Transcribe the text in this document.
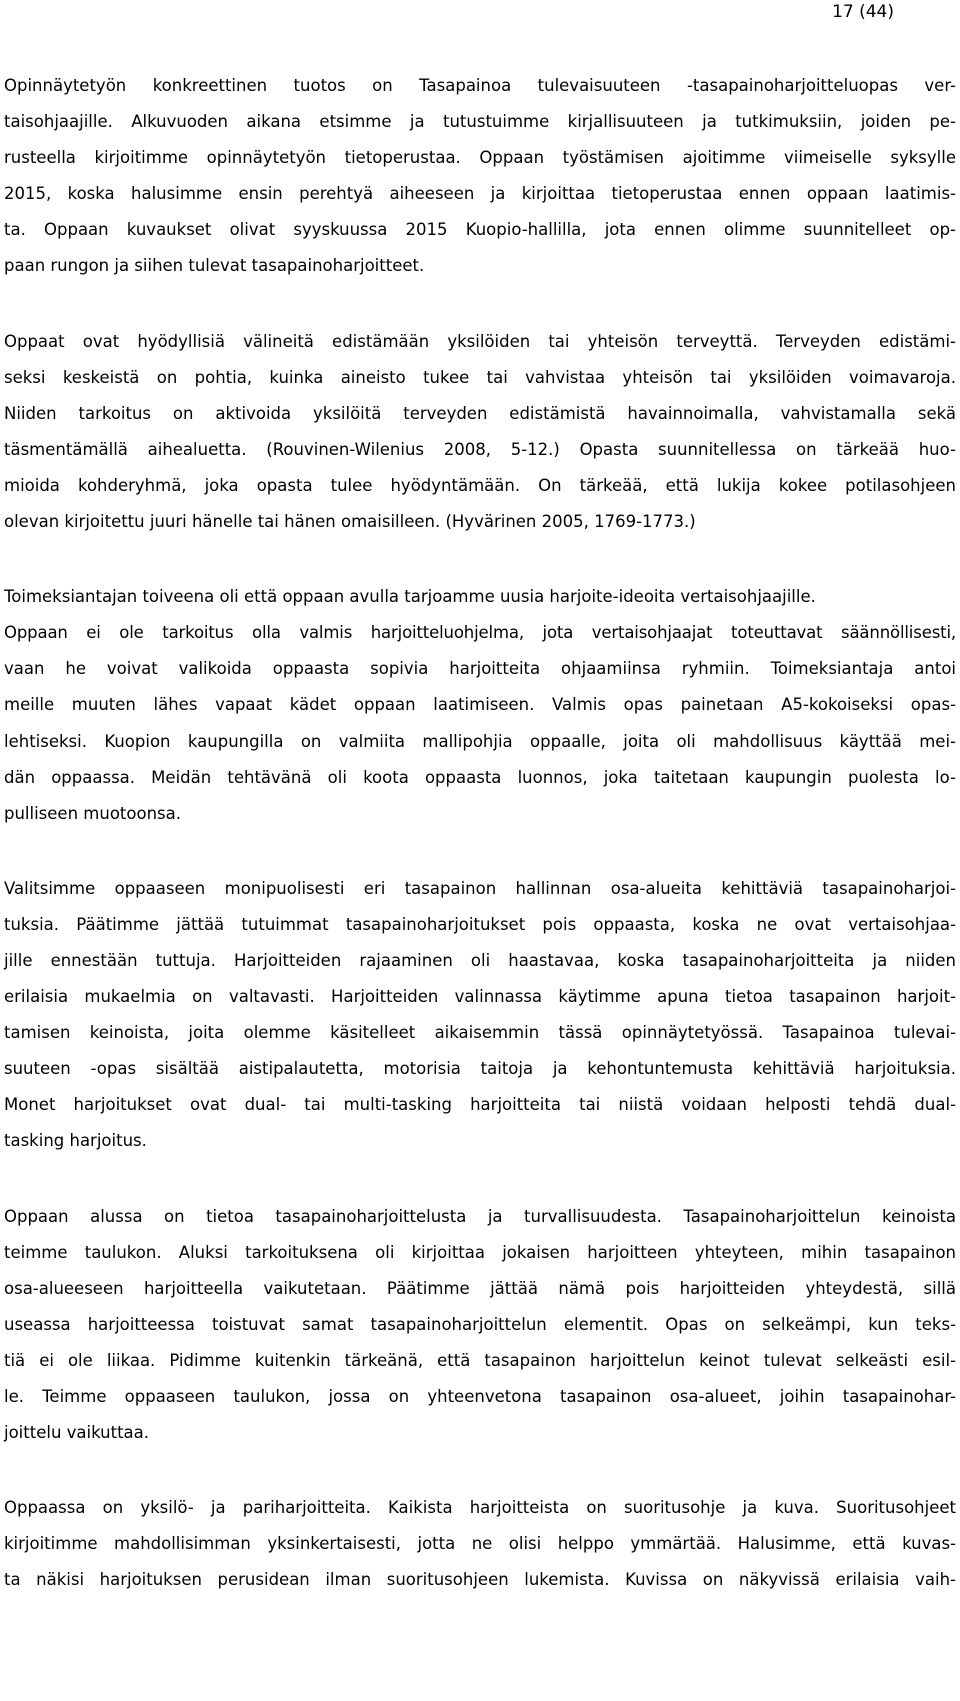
17 (44)

Opinnäytetyön konkreettinen tuotos on Tasapainoa tulevaisuuteen -tasapainoharjoitteluopas ver-
taisohjaajille. Alkuvuoden aikana etsimme ja tutustuimme kirjallisuuteen ja tutkimuksiin, joiden pe-
rusteella kirjoitimme opinnäytetyön tietoperustaa. Oppaan työstämisen ajoitimme viimeiselle syksylle
2015, koska halusimme ensin perehtyä aiheeseen ja kirjoittaa tietoperustaa ennen oppaan laatimis-
ta. Oppaan kuvaukset olivat syyskuussa 2015 Kuopio-hallilla, jota ennen olimme suunnitelleet op-
paan rungon ja siihen tulevat tasapainoharjoitteet.

Oppaat ovat hyödyllisiä välineitä edistämään yksilöiden tai yhteisön terveyttä. Terveyden edistämi-
seksi keskeistä on pohtia, kuinka aineisto tukee tai vahvistaa yhteisön tai yksilöiden voimavaroja.
Niiden tarkoitus on aktivoida yksilöitä terveyden edistämistä havainnoimalla, vahvistamalla sekä
täsmentämällä aihealuetta. (Rouvinen-Wilenius 2008, 5-12.) Opasta suunnitellessa on tärkeää huo-
mioida kohderyhmä, joka opasta tulee hyödyntämään. On tärkeää, että lukija kokee potilasohjeen
olevan kirjoitettu juuri hänelle tai hänen omaisilleen. (Hyvärinen 2005, 1769-1773.)

Toimeksiantajan toiveena oli että oppaan avulla tarjoamme uusia harjoite-ideoita vertaisohjaajille.
Oppaan ei ole tarkoitus olla valmis harjoitteluohjelma, jota vertaisohjaajat toteuttavat säännöllisesti,
vaan he voivat valikoida oppaasta sopivia harjoitteita ohjaamiinsa ryhmiin. Toimeksiantaja antoi
meille muuten lähes vapaat kädet oppaan laatimiseen. Valmis opas painetaan A5-kokoiseksi opas-
lehtiseksi. Kuopion kaupungilla on valmiita mallipohjia oppaalle, joita oli mahdollisuus käyttää mei-
dän oppaassa. Meidän tehtävänä oli koota oppaasta luonnos, joka taitetaan kaupungin puolesta lo-
pulliseen muotoonsa.

Valitsimme oppaaseen monipuolisesti eri tasapainon hallinnan osa-alueita kehittäviä tasapainoharjoi-
tuksia. Päätimme jättää tutuimmat tasapainoharjoitukset pois oppaasta, koska ne ovat vertaisohjaa-
jille ennestään tuttuja. Harjoitteiden rajaaminen oli haastavaa, koska tasapainoharjoitteita ja niiden
erilaisia mukaelmia on valtavasti. Harjoitteiden valinnassa käytimme apuna tietoa tasapainon harjoit-
tamisen keinoista, joita olemme käsitelleet aikaisemmin tässä opinnäytetyössä. Tasapainoa tulevai-
suuteen -opas sisältää aistipalautetta, motorisia taitoja ja kehontuntemusta kehittäviä harjoituksia.
Monet harjoitukset ovat dual- tai multi-tasking harjoitteita tai niistä voidaan helposti tehdä dual-
tasking harjoitus.

Oppaan alussa on tietoa tasapainoharjoittelusta ja turvallisuudesta. Tasapainoharjoittelun keinoista
teimme taulukon. Aluksi tarkoituksena oli kirjoittaa jokaisen harjoitteen yhteyteen, mihin tasapainon
osa-alueeseen harjoitteella vaikutetaan. Päätimme jättää nämä pois harjoitteiden yhteydestä, sillä
useassa harjoitteessa toistuvat samat tasapainoharjoittelun elementit. Opas on selkeämpi, kun teks-
tiä ei ole liikaa. Pidimme kuitenkin tärkeänä, että tasapainon harjoittelun keinot tulevat selkeästi esil-
le. Teimme oppaaseen taulukon, jossa on yhteenvetona tasapainon osa-alueet, joihin tasapainohar-
joittelu vaikuttaa.

Oppaassa on yksilö- ja pariharjoitteita. Kaikista harjoitteista on suoritusohje ja kuva. Suoritusohjeet
kirjoitimme mahdollisimman yksinkertaisesti, jotta ne olisi helppo ymmärtää. Halusimme, että kuvas-
ta näkisi harjoituksen perusidean ilman suoritusohjeen lukemista. Kuvissa on näkyvissä erilaisia vaih-
